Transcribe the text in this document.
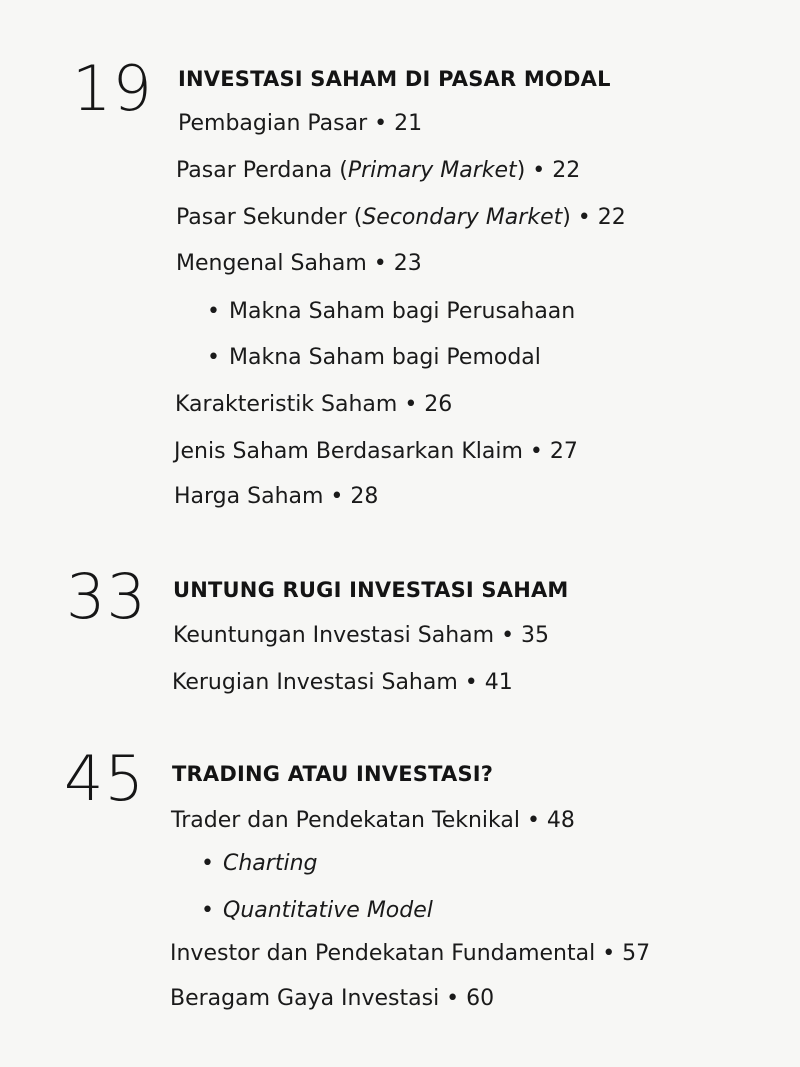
19 INVESTASI SAHAM DI PASAR MODAL
Pembagian Pasar • 21
Pasar Perdana (Primary Market) • 22
Pasar Sekunder (Secondary Market) • 22
Mengenal Saham • 23
• Makna Saham bagi Perusahaan
• Makna Saham bagi Pemodal
Karakteristik Saham • 26
Jenis Saham Berdasarkan Klaim • 27
Harga Saham • 28
33 UNTUNG RUGI INVESTASI SAHAM
Keuntungan Investasi Saham • 35
Kerugian Investasi Saham • 41
45 TRADING ATAU INVESTASI?
Trader dan Pendekatan Teknikal • 48
• Charting
• Quantitative Model
Investor dan Pendekatan Fundamental • 57
Beragam Gaya Investasi • 60
